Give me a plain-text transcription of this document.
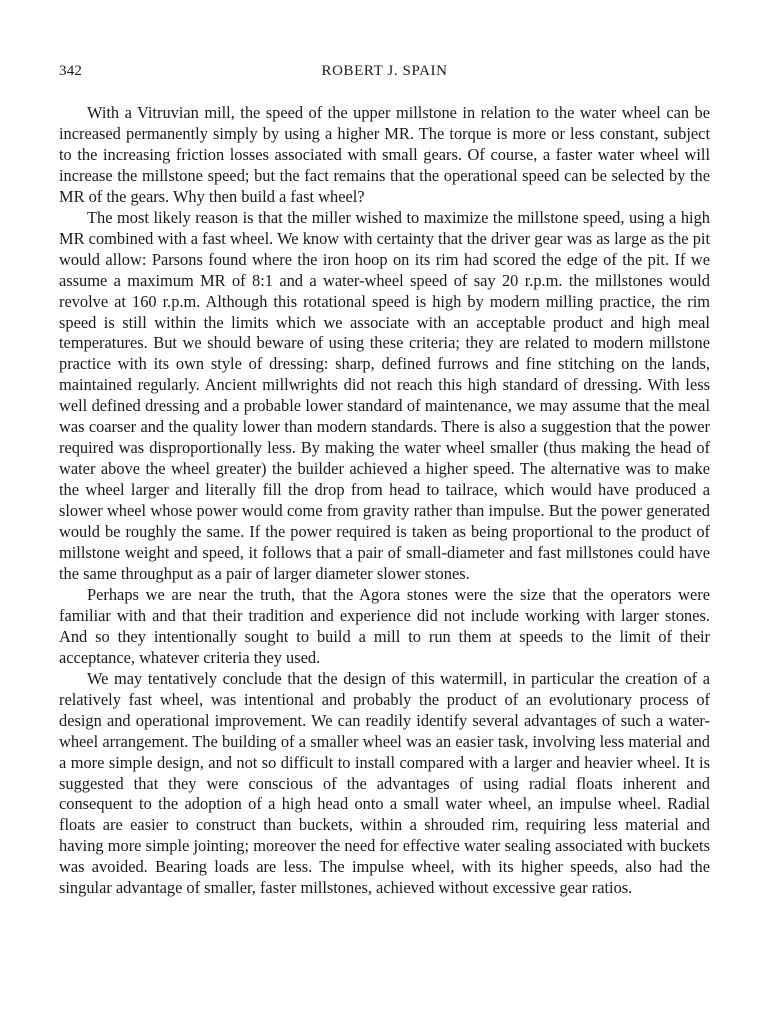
342	ROBERT J. SPAIN

With a Vitruvian mill, the speed of the upper millstone in relation to the water wheel can be increased permanently simply by using a higher MR. The torque is more or less constant, subject to the increasing friction losses associated with small gears. Of course, a faster water wheel will increase the millstone speed; but the fact remains that the operational speed can be selected by the MR of the gears. Why then build a fast wheel?

The most likely reason is that the miller wished to maximize the millstone speed, using a high MR combined with a fast wheel. We know with certainty that the driver gear was as large as the pit would allow: Parsons found where the iron hoop on its rim had scored the edge of the pit. If we assume a maximum MR of 8:1 and a water-wheel speed of say 20 r.p.m. the millstones would revolve at 160 r.p.m. Although this rotational speed is high by modern milling practice, the rim speed is still within the limits which we associate with an acceptable product and high meal temperatures. But we should beware of using these criteria; they are related to modern millstone practice with its own style of dressing: sharp, defined furrows and fine stitching on the lands, maintained regularly. Ancient millwrights did not reach this high standard of dressing. With less well defined dressing and a probable lower standard of maintenance, we may assume that the meal was coarser and the quality lower than modern standards. There is also a suggestion that the power required was disproportionally less. By making the water wheel smaller (thus making the head of water above the wheel greater) the builder achieved a higher speed. The alternative was to make the wheel larger and literally fill the drop from head to tailrace, which would have produced a slower wheel whose power would come from gravity rather than impulse. But the power generated would be roughly the same. If the power required is taken as being proportional to the product of millstone weight and speed, it follows that a pair of small-diameter and fast millstones could have the same throughput as a pair of larger diameter slower stones.

Perhaps we are near the truth, that the Agora stones were the size that the operators were familiar with and that their tradition and experience did not include working with larger stones. And so they intentionally sought to build a mill to run them at speeds to the limit of their acceptance, whatever criteria they used.

We may tentatively conclude that the design of this watermill, in particular the creation of a relatively fast wheel, was intentional and probably the product of an evolutionary process of design and operational improvement. We can readily identify several advantages of such a water-wheel arrangement. The building of a smaller wheel was an easier task, involving less material and a more simple design, and not so difficult to install compared with a larger and heavier wheel. It is suggested that they were conscious of the advantages of using radial floats inherent and consequent to the adoption of a high head onto a small water wheel, an impulse wheel. Radial floats are easier to construct than buckets, within a shrouded rim, requiring less material and having more simple jointing; moreover the need for effective water sealing associated with buckets was avoided. Bearing loads are less. The impulse wheel, with its higher speeds, also had the singular advantage of smaller, faster millstones, achieved without excessive gear ratios.
